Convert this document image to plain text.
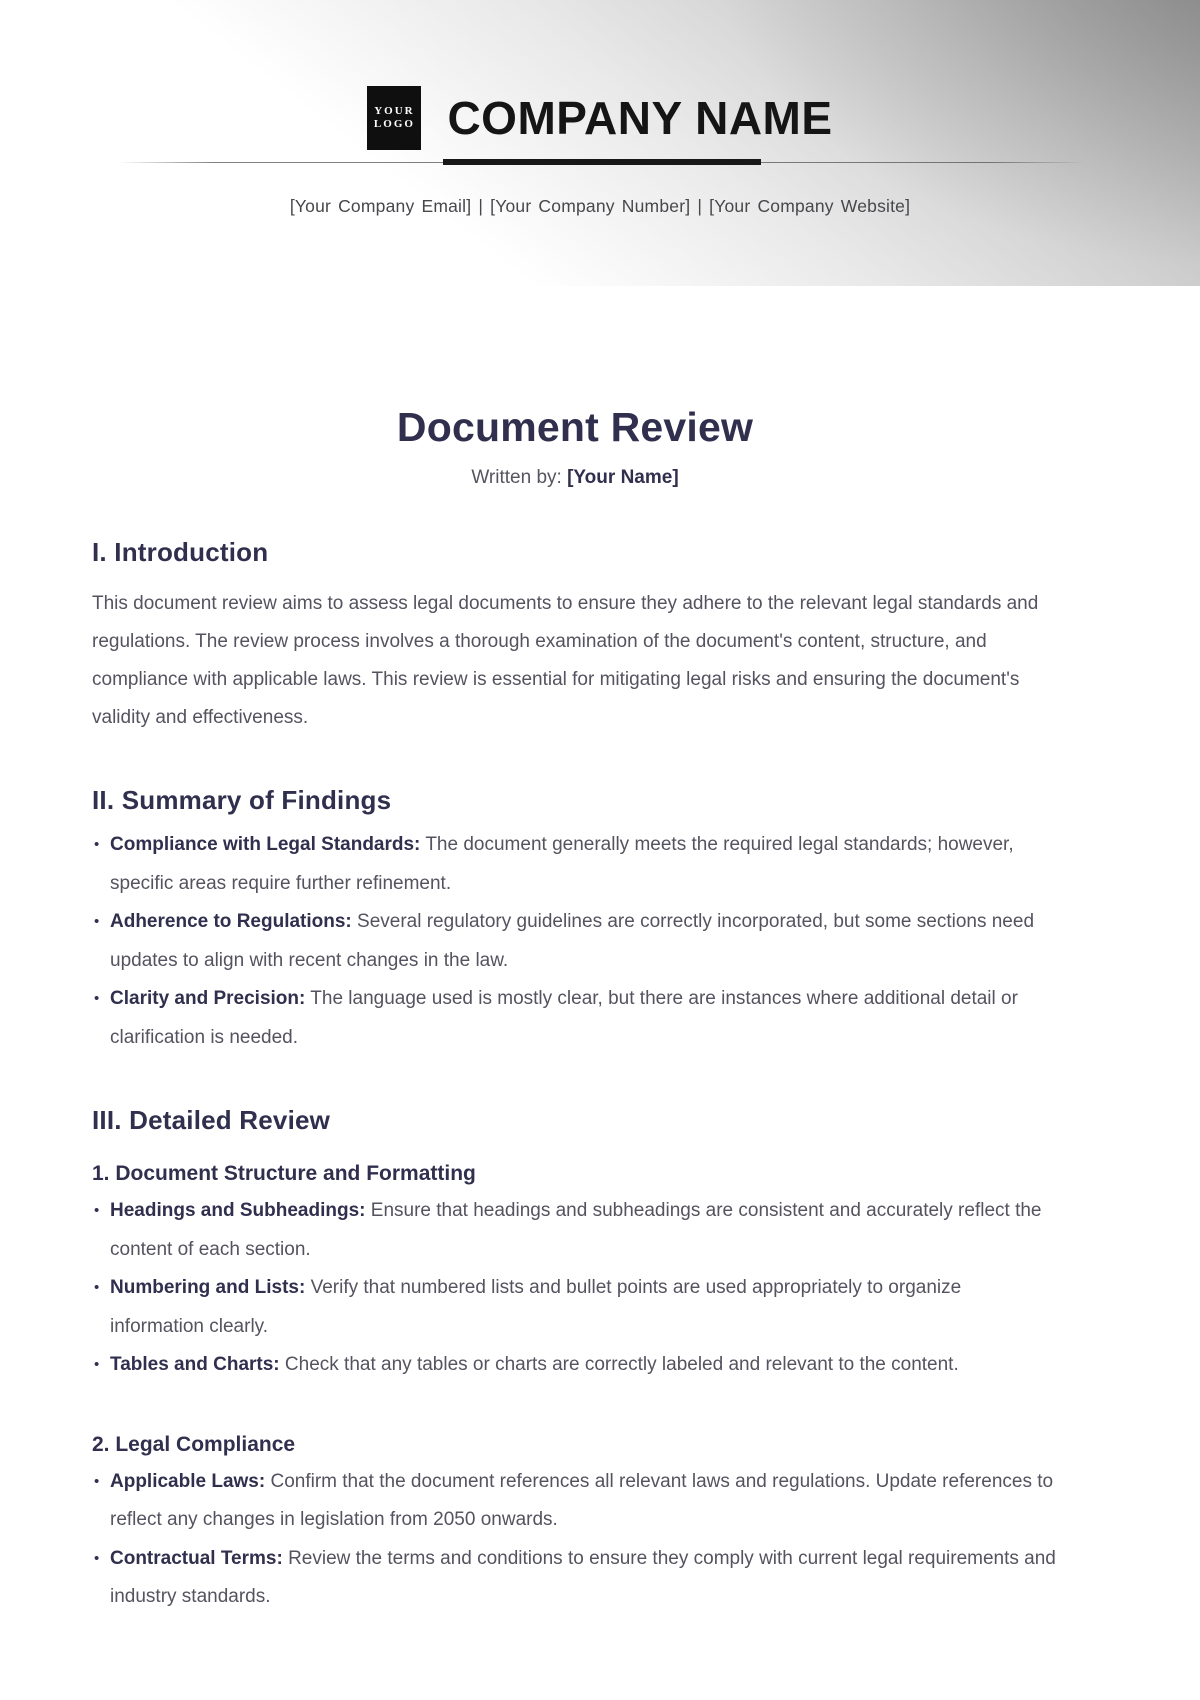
YOUR
LOGO COMPANY NAME
[Your Company Email] | [Your Company Number] | [Your Company Website]
Document Review

Written by: [Your Name]

I. Introduction

This document review aims to assess legal documents to ensure they adhere to the relevant legal standards and regulations. The review process involves a thorough examination of the document's content, structure, and compliance with applicable laws. This review is essential for mitigating legal risks and ensuring the document's validity and effectiveness.

II. Summary of Findings
• Compliance with Legal Standards: The document generally meets the required legal standards; however, specific areas require further refinement.
• Adherence to Regulations: Several regulatory guidelines are correctly incorporated, but some sections need updates to align with recent changes in the law.
• Clarity and Precision: The language used is mostly clear, but there are instances where additional detail or clarification is needed.
III. Detailed Review
1. Document Structure and Formatting
• Headings and Subheadings: Ensure that headings and subheadings are consistent and accurately reflect the content of each section.
• Numbering and Lists: Verify that numbered lists and bullet points are used appropriately to organize information clearly.
• Tables and Charts: Check that any tables or charts are correctly labeled and relevant to the content.
2. Legal Compliance
• Applicable Laws: Confirm that the document references all relevant laws and regulations. Update references to reflect any changes in legislation from 2050 onwards.
• Contractual Terms: Review the terms and conditions to ensure they comply with current legal requirements and industry standards.
